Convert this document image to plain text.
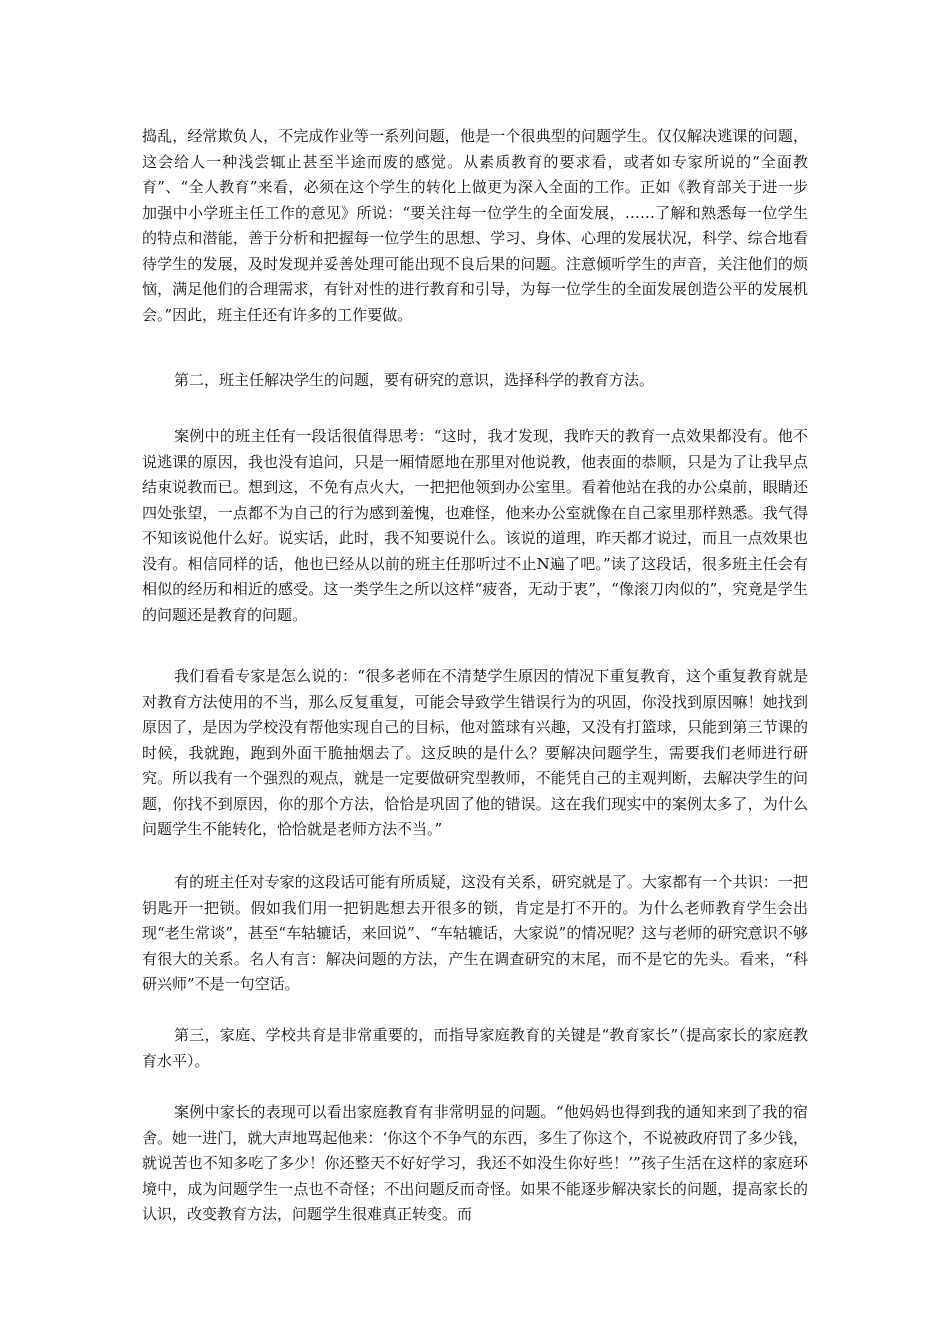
捣乱，经常欺负人，不完成作业等一系列问题，他是一个很典型的问题学生。仅仅解决逃课的问题，这会给人一种浅尝辄止甚至半途而废的感觉。从素质教育的要求看，或者如专家所说的“全面教育”、“全人教育”来看，必须在这个学生的转化上做更为深入全面的工作。正如《教育部关于进一步加强中小学班主任工作的意见》所说：“要关注每一位学生的全面发展，……了解和熟悉每一位学生的特点和潜能，善于分析和把握每一位学生的思想、学习、身体、心理的发展状况，科学、综合地看待学生的发展，及时发现并妥善处理可能出现不良后果的问题。注意倾听学生的声音，关注他们的烦恼，满足他们的合理需求，有针对性的进行教育和引导，为每一位学生的全面发展创造公平的发展机会。”因此，班主任还有许多的工作要做。

第二，班主任解决学生的问题，要有研究的意识，选择科学的教育方法。

案例中的班主任有一段话很值得思考：“这时，我才发现，我昨天的教育一点效果都没有。他不说逃课的原因，我也没有追问，只是一厢情愿地在那里对他说教，他表面的恭顺，只是为了让我早点结束说教而已。想到这，不免有点火大，一把把他领到办公室里。看着他站在我的办公桌前，眼睛还四处张望，一点都不为自己的行为感到羞愧，也难怪，他来办公室就像在自己家里那样熟悉。我气得不知该说他什么好。说实话，此时，我不知要说什么。该说的道理，昨天都才说过，而且一点效果也没有。相信同样的话，他也已经从以前的班主任那听过不止N遍了吧。”读了这段话，很多班主任会有相似的经历和相近的感受。这一类学生之所以这样“疲沓，无动于衷”，“像滚刀肉似的”，究竟是学生的问题还是教育的问题。

我们看看专家是怎么说的：“很多老师在不清楚学生原因的情况下重复教育，这个重复教育就是对教育方法使用的不当，那么反复重复，可能会导致学生错误行为的巩固，你没找到原因嘛！她找到原因了，是因为学校没有帮他实现自己的目标，他对篮球有兴趣，又没有打篮球，只能到第三节课的时候，我就跑，跑到外面干脆抽烟去了。这反映的是什么？要解决问题学生，需要我们老师进行研究。所以我有一个强烈的观点，就是一定要做研究型教师，不能凭自己的主观判断，去解决学生的问题，你找不到原因，你的那个方法，恰恰是巩固了他的错误。这在我们现实中的案例太多了，为什么问题学生不能转化，恰恰就是老师方法不当。”

有的班主任对专家的这段话可能有所质疑，这没有关系，研究就是了。大家都有一个共识：一把钥匙开一把锁。假如我们用一把钥匙想去开很多的锁，肯定是打不开的。为什么老师教育学生会出现“老生常谈”，甚至“车轱辘话，来回说”、“车轱辘话，大家说”的情况呢？这与老师的研究意识不够有很大的关系。名人有言：解决问题的方法，产生在调查研究的末尾，而不是它的先头。看来，“科研兴师”不是一句空话。

第三，家庭、学校共育是非常重要的，而指导家庭教育的关键是“教育家长”（提高家长的家庭教育水平）。

案例中家长的表现可以看出家庭教育有非常明显的问题。“他妈妈也得到我的通知来到了我的宿舍。她一进门，就大声地骂起他来：‘你这个不争气的东西，多生了你这个，不说被政府罚了多少钱，就说苦也不知多吃了多少！你还整天不好好学习，我还不如没生你好些！’”孩子生活在这样的家庭环境中，成为问题学生一点也不奇怪；不出问题反而奇怪。如果不能逐步解决家长的问题，提高家长的认识，改变教育方法，问题学生很难真正转变。而
